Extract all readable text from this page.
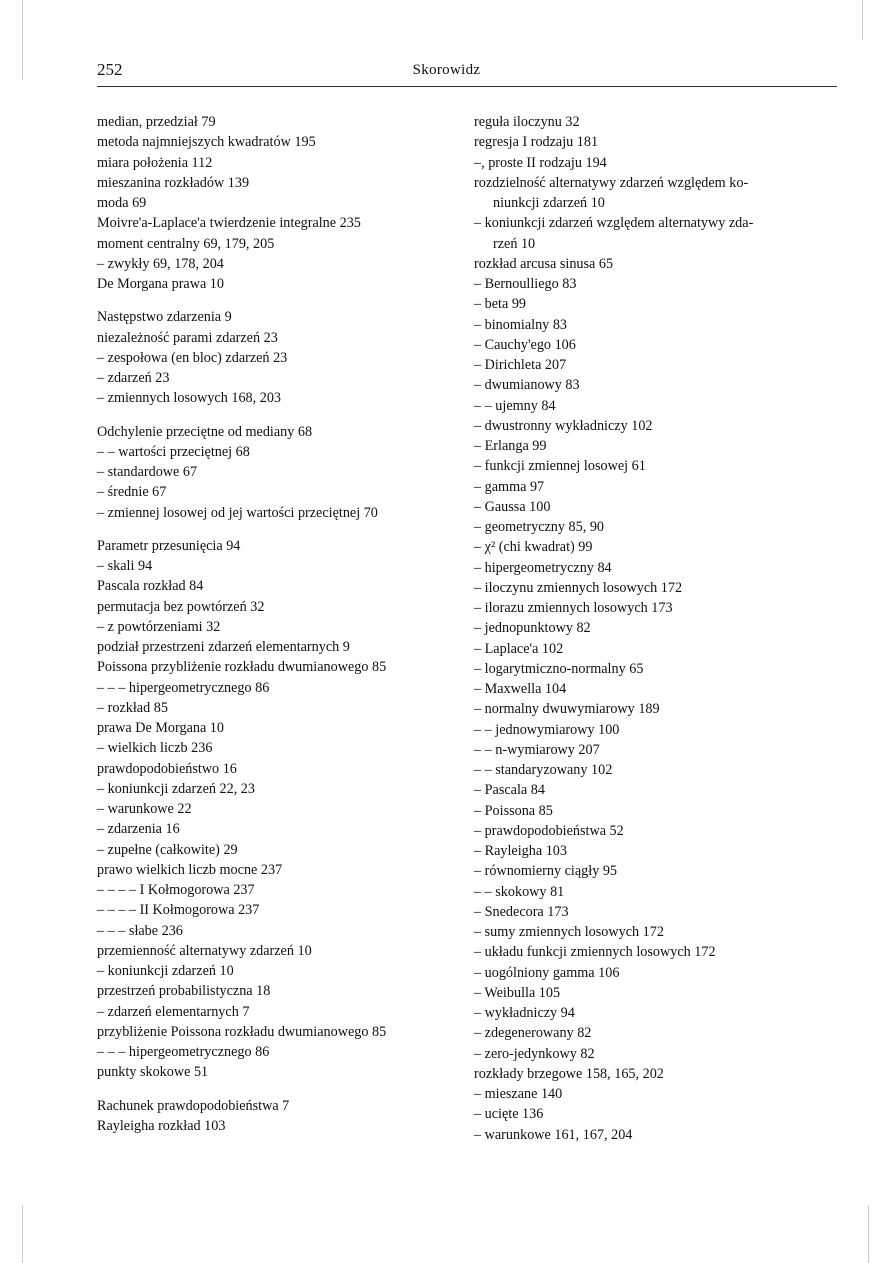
252	Skorowidz
median, przedział 79
metoda najmniejszych kwadratów 195
miara położenia 112
mieszanina rozkładów 139
moda 69
Moivre'a-Laplace'a twierdzenie integralne 235
moment centralny 69, 179, 205
– zwykły 69, 178, 204
De Morgana prawa 10
Następstwo zdarzenia 9
niezależność parami zdarzeń 23
– zespołowa (en bloc) zdarzeń 23
– zdarzeń 23
– zmiennych losowych 168, 203
Odchylenie przeciętne od mediany 68
– – wartości przeciętnej 68
– standardowe 67
– średnie 67
– zmiennej losowej od jej wartości przeciętnej 70
Parametr przesunięcia 94
– skali 94
Pascala rozkład 84
permutacja bez powtórzeń 32
– z powtórzeniami 32
podział przestrzeni zdarzeń elementarnych 9
Poissona przybliżenie rozkładu dwumianowego 85
– – – hipergeometrycznego 86
– rozkład 85
prawa De Morgana 10
– wielkich liczb 236
prawdopodobieństwo 16
– koniunkcji zdarzeń 22, 23
– warunkowe 22
– zdarzenia 16
– zupełne (całkowite) 29
prawo wielkich liczb mocne 237
– – – – I Kołmogorowa 237
– – – – II Kołmogorowa 237
– – – słabe 236
przemienność alternatywy zdarzeń 10
– koniunkcji zdarzeń 10
przestrzeń probabilistyczna 18
– zdarzeń elementarnych 7
przybliżenie Poissona rozkładu dwumianowego 85
– – – hipergeometrycznego 86
punkty skokowe 51
Rachunek prawdopodobieństwa 7
Rayleigha rozkład 103
reguła iloczynu 32
regresja I rodzaju 181
–, proste II rodzaju 194
rozdzielność alternatywy zdarzeń względem ko-
niunkcji zdarzeń 10
– koniunkcji zdarzeń względem alternatywy zda-
rzeń 10
rozkład arcusa sinusa 65
– Bernoulliego 83
– beta 99
– binomialny 83
– Cauchy'ego 106
– Dirichleta 207
– dwumianowy 83
– – ujemny 84
– dwustronny wykładniczy 102
– Erlanga 99
– funkcji zmiennej losowej 61
– gamma 97
– Gaussa 100
– geometryczny 85, 90
– χ² (chi kwadrat) 99
– hipergeometryczny 84
– iloczynu zmiennych losowych 172
– ilorazu zmiennych losowych 173
– jednopunktowy 82
– Laplace'a 102
– logarytmiczno-normalny 65
– Maxwella 104
– normalny dwuwymiarowy 189
– – jednowymiarowy 100
– – n-wymiarowy 207
– – standaryzowany 102
– Pascala 84
– Poissona 85
– prawdopodobieństwa 52
– Rayleigha 103
– równomierny ciągły 95
– – skokowy 81
– Snedecora 173
– sumy zmiennych losowych 172
– układu funkcji zmiennych losowych 172
– uogólniony gamma 106
– Weibulla 105
– wykładniczy 94
– zdegenerowany 82
– zero-jedynkowy 82
rozkłady brzegowe 158, 165, 202
– mieszane 140
– ucięte 136
– warunkowe 161, 167, 204
